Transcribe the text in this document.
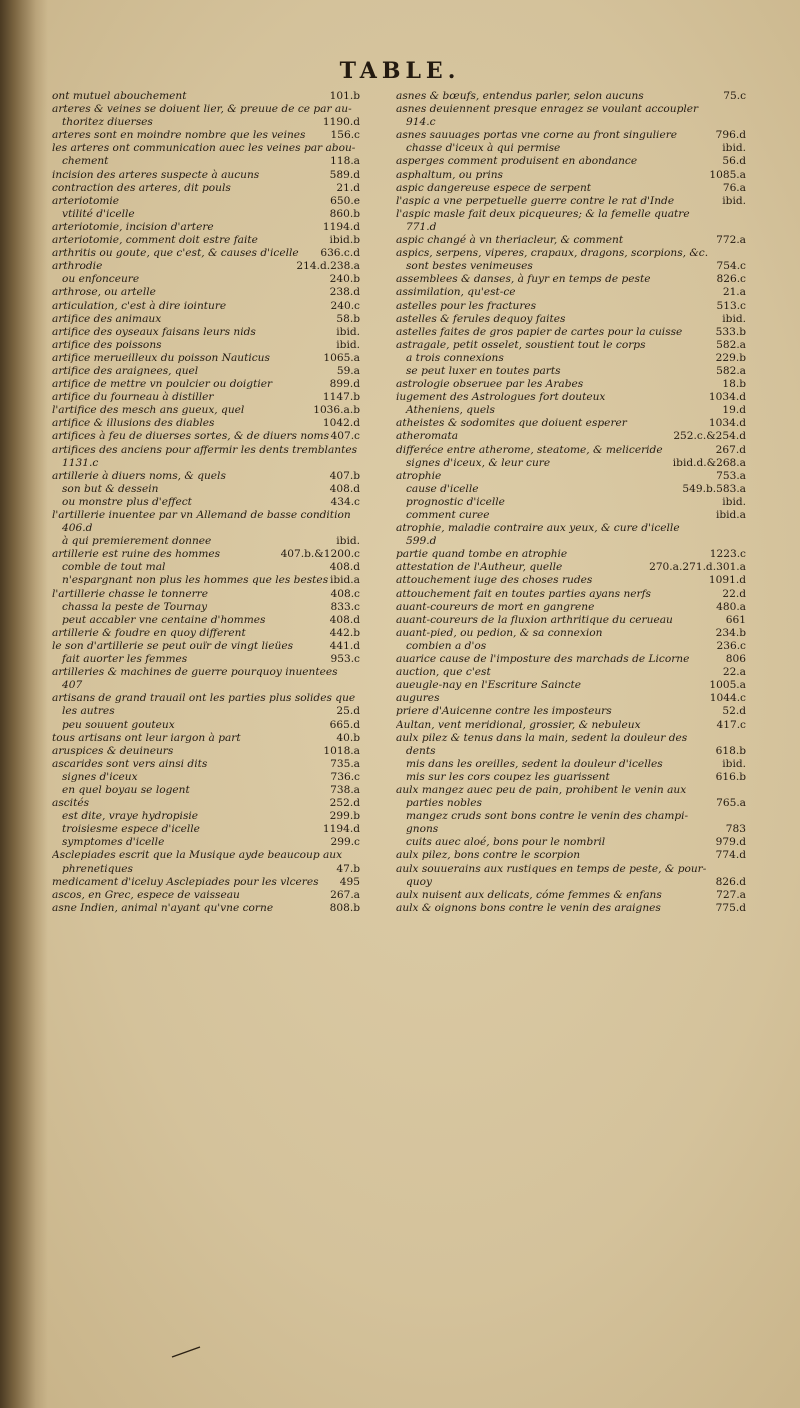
TABLE.
ont mutuel abouchement	101.b
arteres & veines se doiuent lier, & preuue de ce par au-
thoritez diuerses	1190.d
arteres sont en moindre nombre que les veines 156.c
les arteres ont communication auec les veines par abou-
chement	118.a
incision des arteres suspecte à aucuns	589.d
contraction des arteres, dit pouls	21.d
arteriotomie	650.e
vtilité d'icelle	860.b
arteriotomie, incision d'artere	1194.d
arteriotomie, comment doit estre faite	ibid.b
arthritis ou goute, que c'est, & causes d'icelle 636.c.d
arthrodie	214.d.238.a
ou enfonceure	240.b
arthrose, ou artelle	238.d
articulation, c'est à dire iointure	240.c
artifice des animaux	58.b
artifice des oyseaux faisans leurs nids	ibid.
artifice des poissons	ibid.
artifice merueilleux du poisson Nauticus	1065.a
artifice des araignees, quel	59.a
artifice de mettre vn poulcier ou doigtier	899.d
artifice du fourneau à distiller	1147.b
l'artifice des mesch ans gueux, quel	1036.a.b
artifice & illusions des diables	1042.d
artifices à feu de diuerses sortes, & de diuers noms 407.c
artifices des anciens pour affermir les dents tremblantes
1131.c
artillerie à diuers noms, & quels	407.b
son but & dessein	408.d
ou monstre plus d'effect	434.c
l'artillerie inuentee par vn Allemand de basse condition
406.d
à qui premierement donnee	ibid.
artillerie est ruine des hommes	407.b.&1200.c
comble de tout mal	408.d
n'espargnant non plus les hommes que les bestes ibid.a
l'artillerie chasse le tonnerre	408.c
chassa la peste de Tournay	833.c
peut accabler vne centaine d'hommes	408.d
artillerie & foudre en quoy different	442.b
le son d'artillerie se peut ouïr de vingt lieües	441.d
fait auorter les femmes	953.c
artilleries & machines de guerre pourquoy inuentees
407
artisans de grand trauail ont les parties plus solides que
les autres	25.d
peu souuent gouteux	665.d
tous artisans ont leur iargon à part	40.b
aruspices & deuineurs	1018.a
ascarides sont vers ainsi dits	735.a
signes d'iceux	736.c
en quel boyau se logent	738.a
ascités	252.d
est dite, vraye hydropisie	299.b
troisiesme espece d'icelle	1194.d
symptomes d'icelle	299.c
Asclepiades escrit que la Musique ayde beaucoup aux
phrenetiques	47.b
medicament d'iceluy Asclepiades pour les vlceres 495
ascos, en Grec, espece de vaisseau	267.a
asne Indien, animal n'ayant qu'vne corne	808.b
asnes & bœufs, entendus parler, selon aucuns	75.c
asnes deuiennent presque enragez se voulant accoupler
914.c
asnes sauuages portas vne corne au front singuliere	796.d
chasse d'iceux à qui permise	ibid.
asperges comment produisent en abondance	56.d
asphaltum, ou prins	1085.a
aspic dangereuse espece de serpent	76.a
l'aspic a vne perpetuelle guerre contre le rat d'Inde	ibid.
l'aspic masle fait deux picqueures; & la femelle quatre
771.d
aspic changé à vn theriacleur, & comment	772.a
aspics, serpens, viperes, crapaux, dragons, scorpions, &c.
sont bestes venimeuses	754.c
assemblees & danses, à fuyr en temps de peste	826.c
assimilation, qu'est-ce	21.a
astelles pour les fractures	513.c
astelles & ferules dequoy faites	ibid.
astelles faites de gros papier de cartes pour la cuisse	533.b
astragale, petit osselet, soustient tout le corps	582.a
a trois connexions	229.b
se peut luxer en toutes parts	582.a
astrologie obseruee par les Arabes	18.b
iugement des Astrologues fort douteux	1034.d
Atheniens, quels	19.d
atheistes & sodomites que doiuent esperer	1034.d
atheromata	252.c.&254.d
differéce entre atherome, steatome, & meliceride	267.d
signes d'iceux, & leur cure	ibid.d.&268.a
atrophie	753.a
cause d'icelle	549.b.583.a
prognostic d'icelle	ibid.
comment curee	ibid.a
atrophie, maladie contraire aux yeux, & cure d'icelle
599.d
partie quand tombe en atrophie	1223.c
attestation de l'Autheur, quelle	270.a.271.d.301.a
attouchement iuge des choses rudes	1091.d
attouchement fait en toutes parties ayans nerfs	22.d
auant-coureurs de mort en gangrene	480.a
auant-coureurs de la fluxion arthritique du cerueau	661
auant-pied, ou pedion, & sa connexion	234.b
combien a d'os	236.c
auarice cause de l'imposture des marchads de Licorne	806
auction, que c'est	22.a
aueugle-nay en l'Escriture Saincte	1005.a
augures	1044.c
priere d'Auicenne contre les imposteurs	52.d
Aultan, vent meridional, grossier, & nebuleux	417.c
aulx pilez & tenus dans la main, sedent la douleur des
dents	618.b
mis dans les oreilles, sedent la douleur d'icelles	ibid.
mis sur les cors coupez les guarissent	616.b
aulx mangez auec peu de pain, prohibent le venin aux
parties nobles	765.a
mangez cruds sont bons contre le venin des champi-
gnons	783
cuits auec aloé, bons pour le nombril	979.d
aulx pilez, bons contre le scorpion	774.d
aulx souuerains aux rustiques en temps de peste, & pour-
quoy	826.d
aulx nuisent aux delicats, cóme femmes & enfans	727.a
aulx & oignons bons contre le venin des araignes	775.d
